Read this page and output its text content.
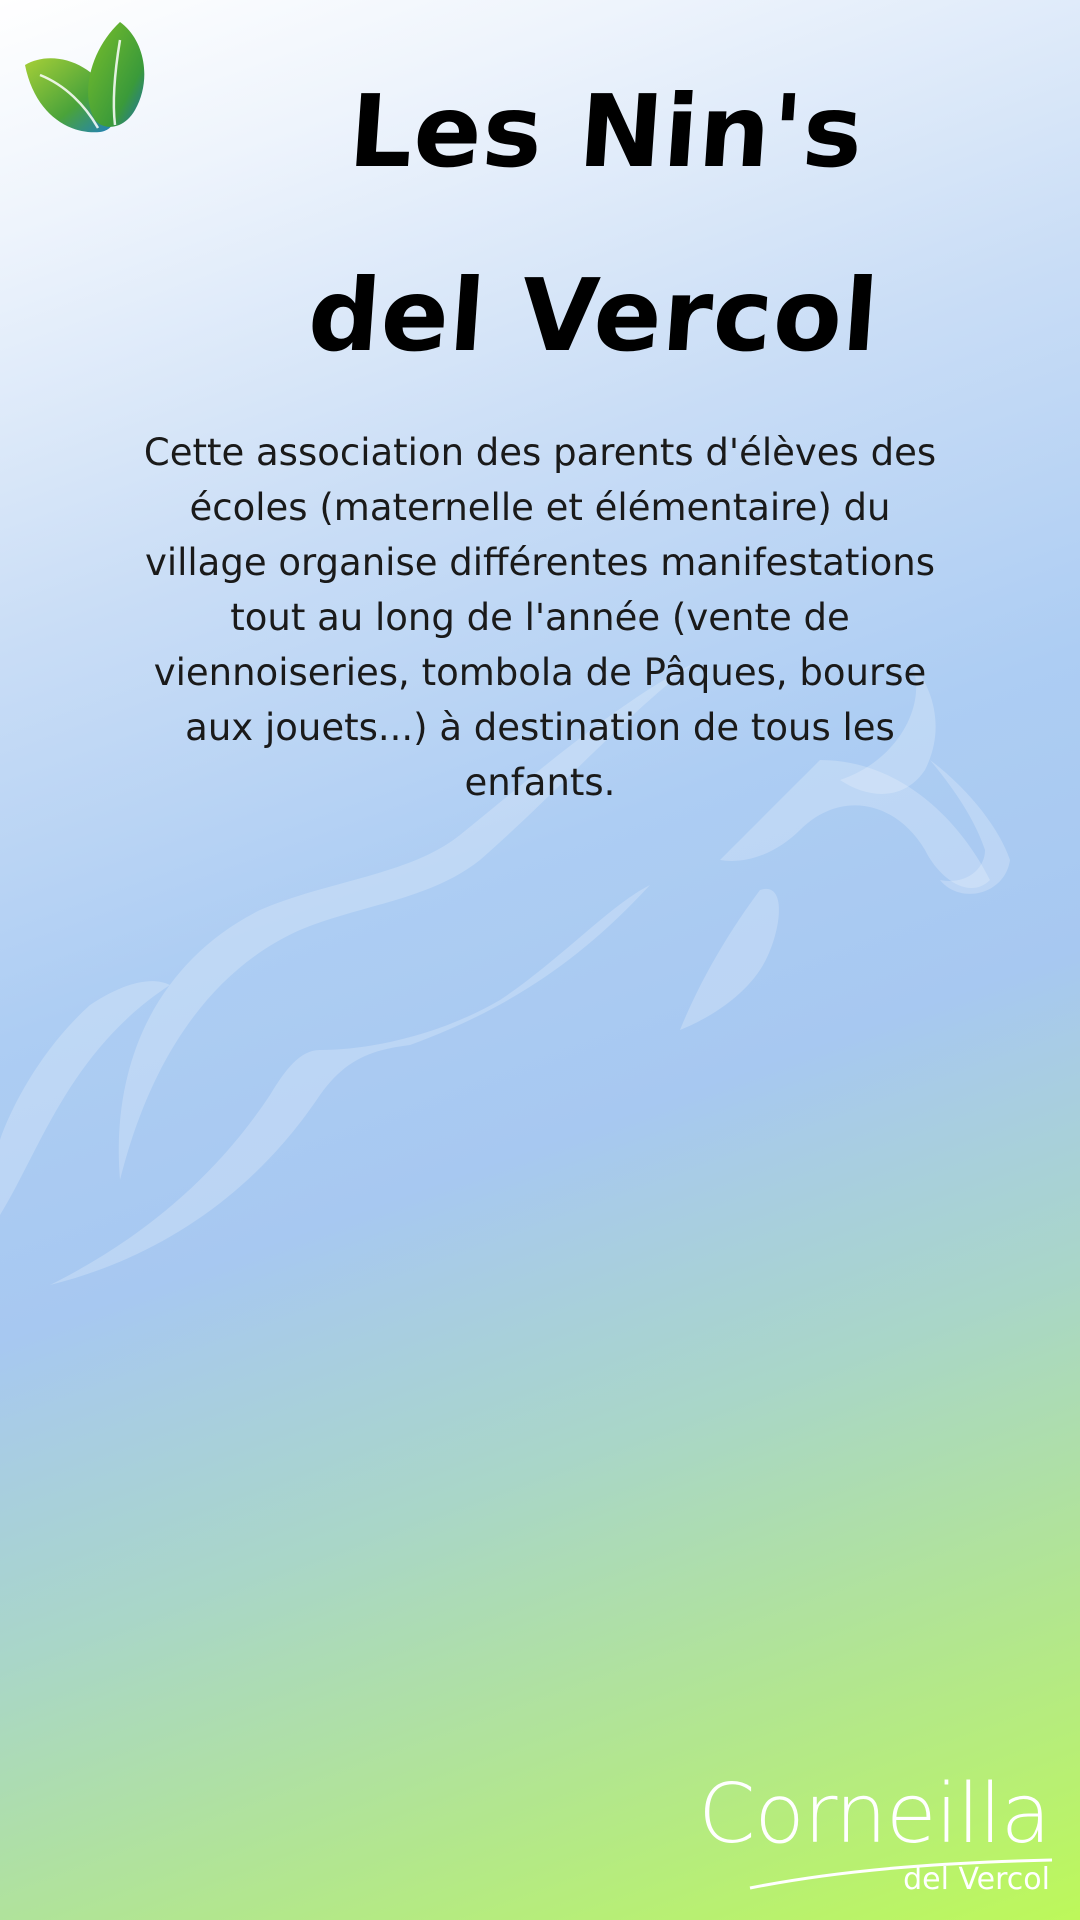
Les Nin's del Vercol

Cette association des parents d'élèves des écoles (maternelle et élémentaire) du village organise différentes manifestations tout au long de l'année (vente de viennoiseries, tombola de Pâques, bourse aux jouets...) à destination de tous les enfants.

Corneilla
del Vercol
